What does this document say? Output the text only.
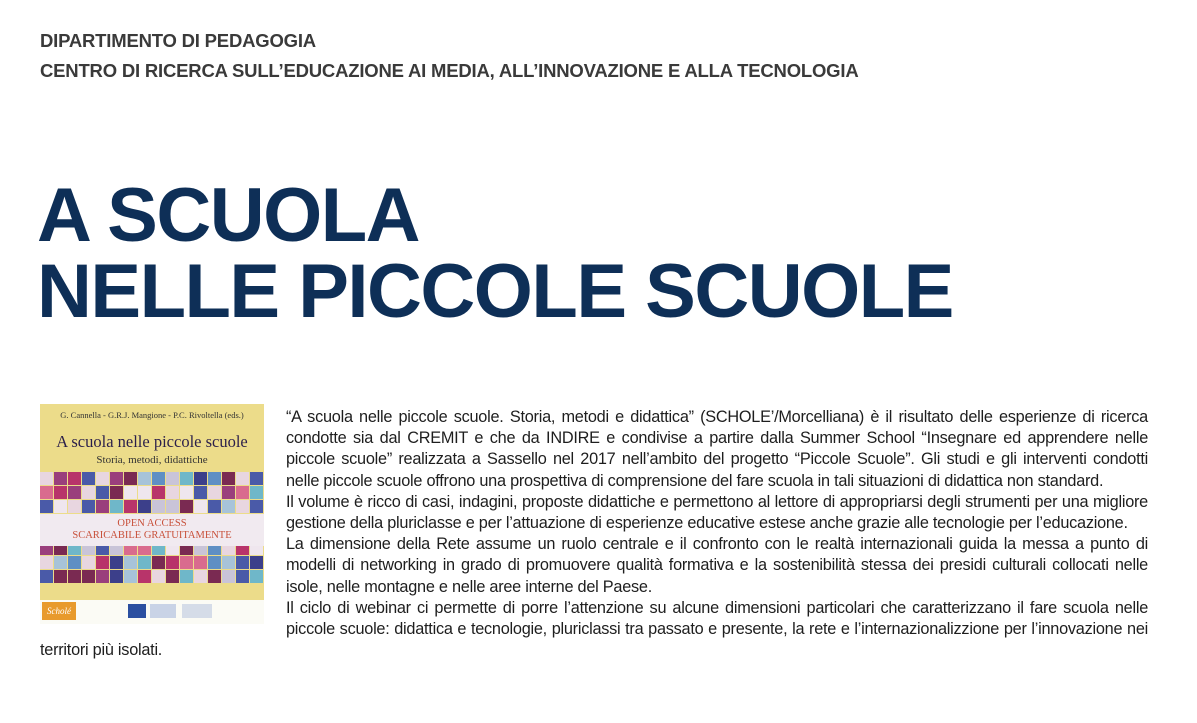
DIPARTIMENTO DI PEDAGOGIA
CENTRO DI RICERCA SULL’EDUCAZIONE AI MEDIA, ALL’INNOVAZIONE E ALLA TECNOLOGIA
A SCUOLA
NELLE PICCOLE SCUOLE
G. Cannella - G.R.J. Mangione - P.C. Rivoltella (eds.)
A scuola nelle piccole scuole
Storia, metodi, didattiche
OPEN ACCESS
SCARICABILE GRATUITAMENTE
Scholé

“A scuola nelle piccole scuole. Storia, metodi e didattica” (SCHOLE’/Morcelliana) è il risultato delle esperienze di ricerca condotte sia dal CREMIT e che da INDIRE e condivise a partire dalla Summer School “Insegnare ed apprendere nelle piccole scuole” realizzata a Sassello nel 2017 nell’ambito del progetto “Piccole Scuole”. Gli studi e gli interventi condotti nelle piccole scuole offrono una prospettiva di comprensione del fare scuola in tali situazioni di didattica non standard.

Il volume è ricco di casi, indagini, proposte didattiche e permettono al lettore di appropriarsi degli strumenti per una migliore gestione della pluriclasse e per l’attuazione di esperienze educative estese anche grazie alle tecnologie per l’educazione.

La dimensione della Rete assume un ruolo centrale e il confronto con le realtà internazionali guida la messa a punto di modelli di networking in grado di promuovere qualità formativa e la sostenibilità stessa dei presidi culturali collocati nelle isole, nelle montagne e nelle aree interne del Paese.

Il ciclo di webinar ci permette di porre l’attenzione su alcune dimensioni particolari che caratterizzano il fare scuola nelle piccole scuole: didattica e tecnologie, pluriclassi tra passato e presente, la rete e l’internazionalizzione per l’innovazione nei territori più isolati.
